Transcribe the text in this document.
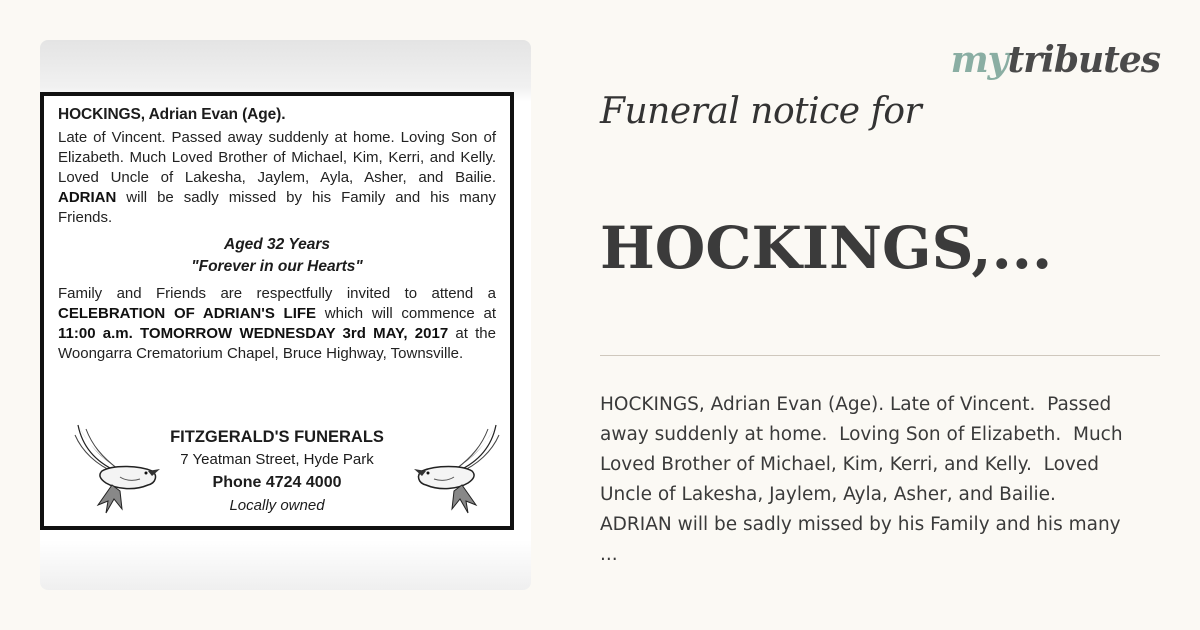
HOCKINGS, Adrian Evan (Age).

Late of Vincent. Passed away suddenly at home. Loving Son of Elizabeth. Much Loved Brother of Michael, Kim, Kerri, and Kelly. Loved Uncle of Lakesha, Jaylem, Ayla, Asher, and Bailie. ADRIAN will be sadly missed by his Family and his many Friends.

Aged 32 Years

"Forever in our Hearts"

Family and Friends are respectfully invited to attend a CELEBRATION OF ADRIAN'S LIFE which will commence at 11:00 a.m. TOMORROW WEDNESDAY 3rd MAY, 2017 at the Woongarra Crematorium Chapel, Bruce Highway, Townsville.

FITZGERALD'S FUNERALS
7 Yeatman Street, Hyde Park
Phone 4724 4000
Locally owned
mytributes
Funeral notice for
HOCKINGS,...
HOCKINGS, Adrian Evan (Age). Late of Vincent.  Passed
away suddenly at home.  Loving Son of Elizabeth.  Much
Loved Brother of Michael, Kim, Kerri, and Kelly.  Loved
Uncle of Lakesha, Jaylem, Ayla, Asher, and Bailie.
ADRIAN will be sadly missed by his Family and his many
...
